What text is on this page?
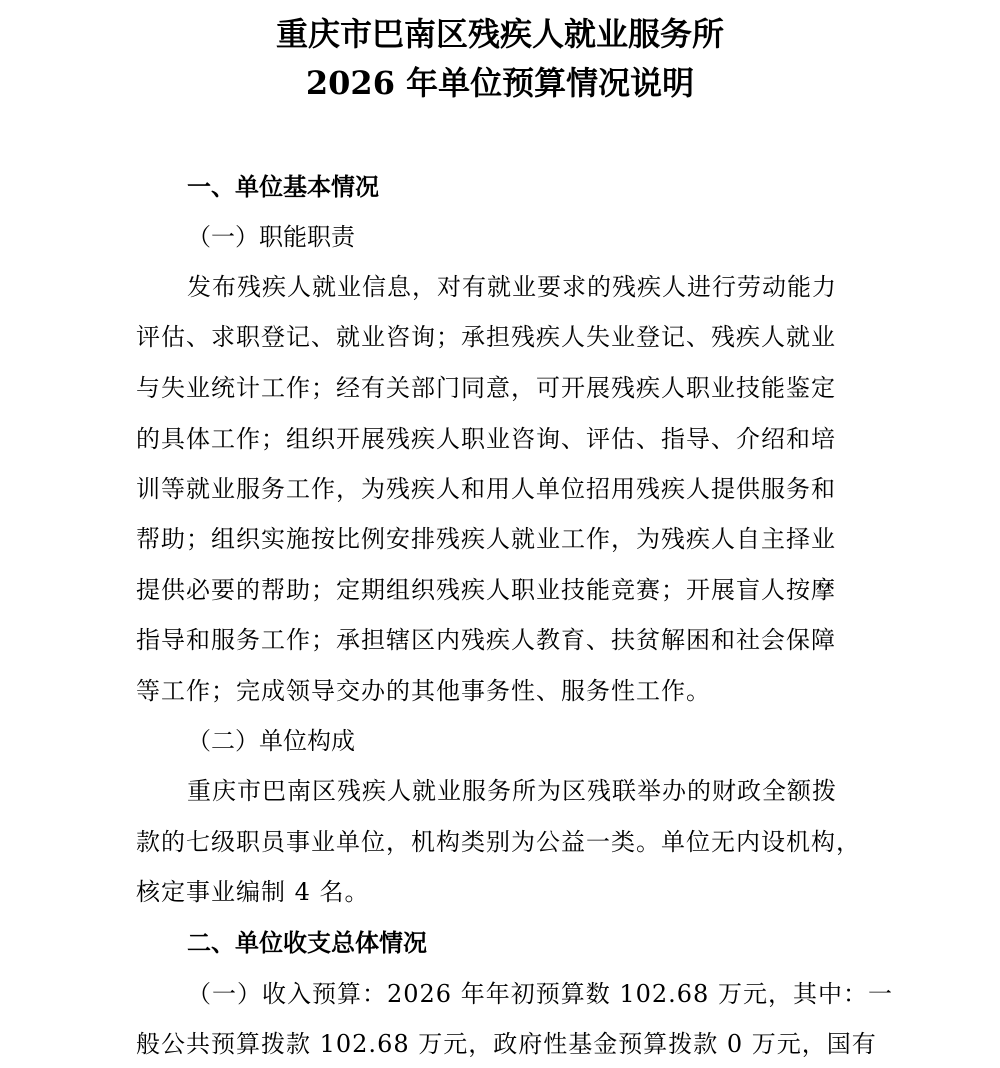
重庆市巴南区残疾人就业服务所
2026 年单位预算情况说明
一、单位基本情况
（一）职能职责
发布残疾人就业信息，对有就业要求的残疾人进行劳动能力
评估、求职登记、就业咨询；承担残疾人失业登记、残疾人就业
与失业统计工作；经有关部门同意，可开展残疾人职业技能鉴定
的具体工作；组织开展残疾人职业咨询、评估、指导、介绍和培
训等就业服务工作，为残疾人和用人单位招用残疾人提供服务和
帮助；组织实施按比例安排残疾人就业工作，为残疾人自主择业
提供必要的帮助；定期组织残疾人职业技能竞赛；开展盲人按摩
指导和服务工作；承担辖区内残疾人教育、扶贫解困和社会保障
等工作；完成领导交办的其他事务性、服务性工作。
（二）单位构成
重庆市巴南区残疾人就业服务所为区残联举办的财政全额拨
款的七级职员事业单位，机构类别为公益一类。单位无内设机构，
核定事业编制 4 名。
二、单位收支总体情况
（一）收入预算：2026 年年初预算数 102.68 万元，其中：一
般公共预算拨款 102.68 万元，政府性基金预算拨款 0 万元，国有
